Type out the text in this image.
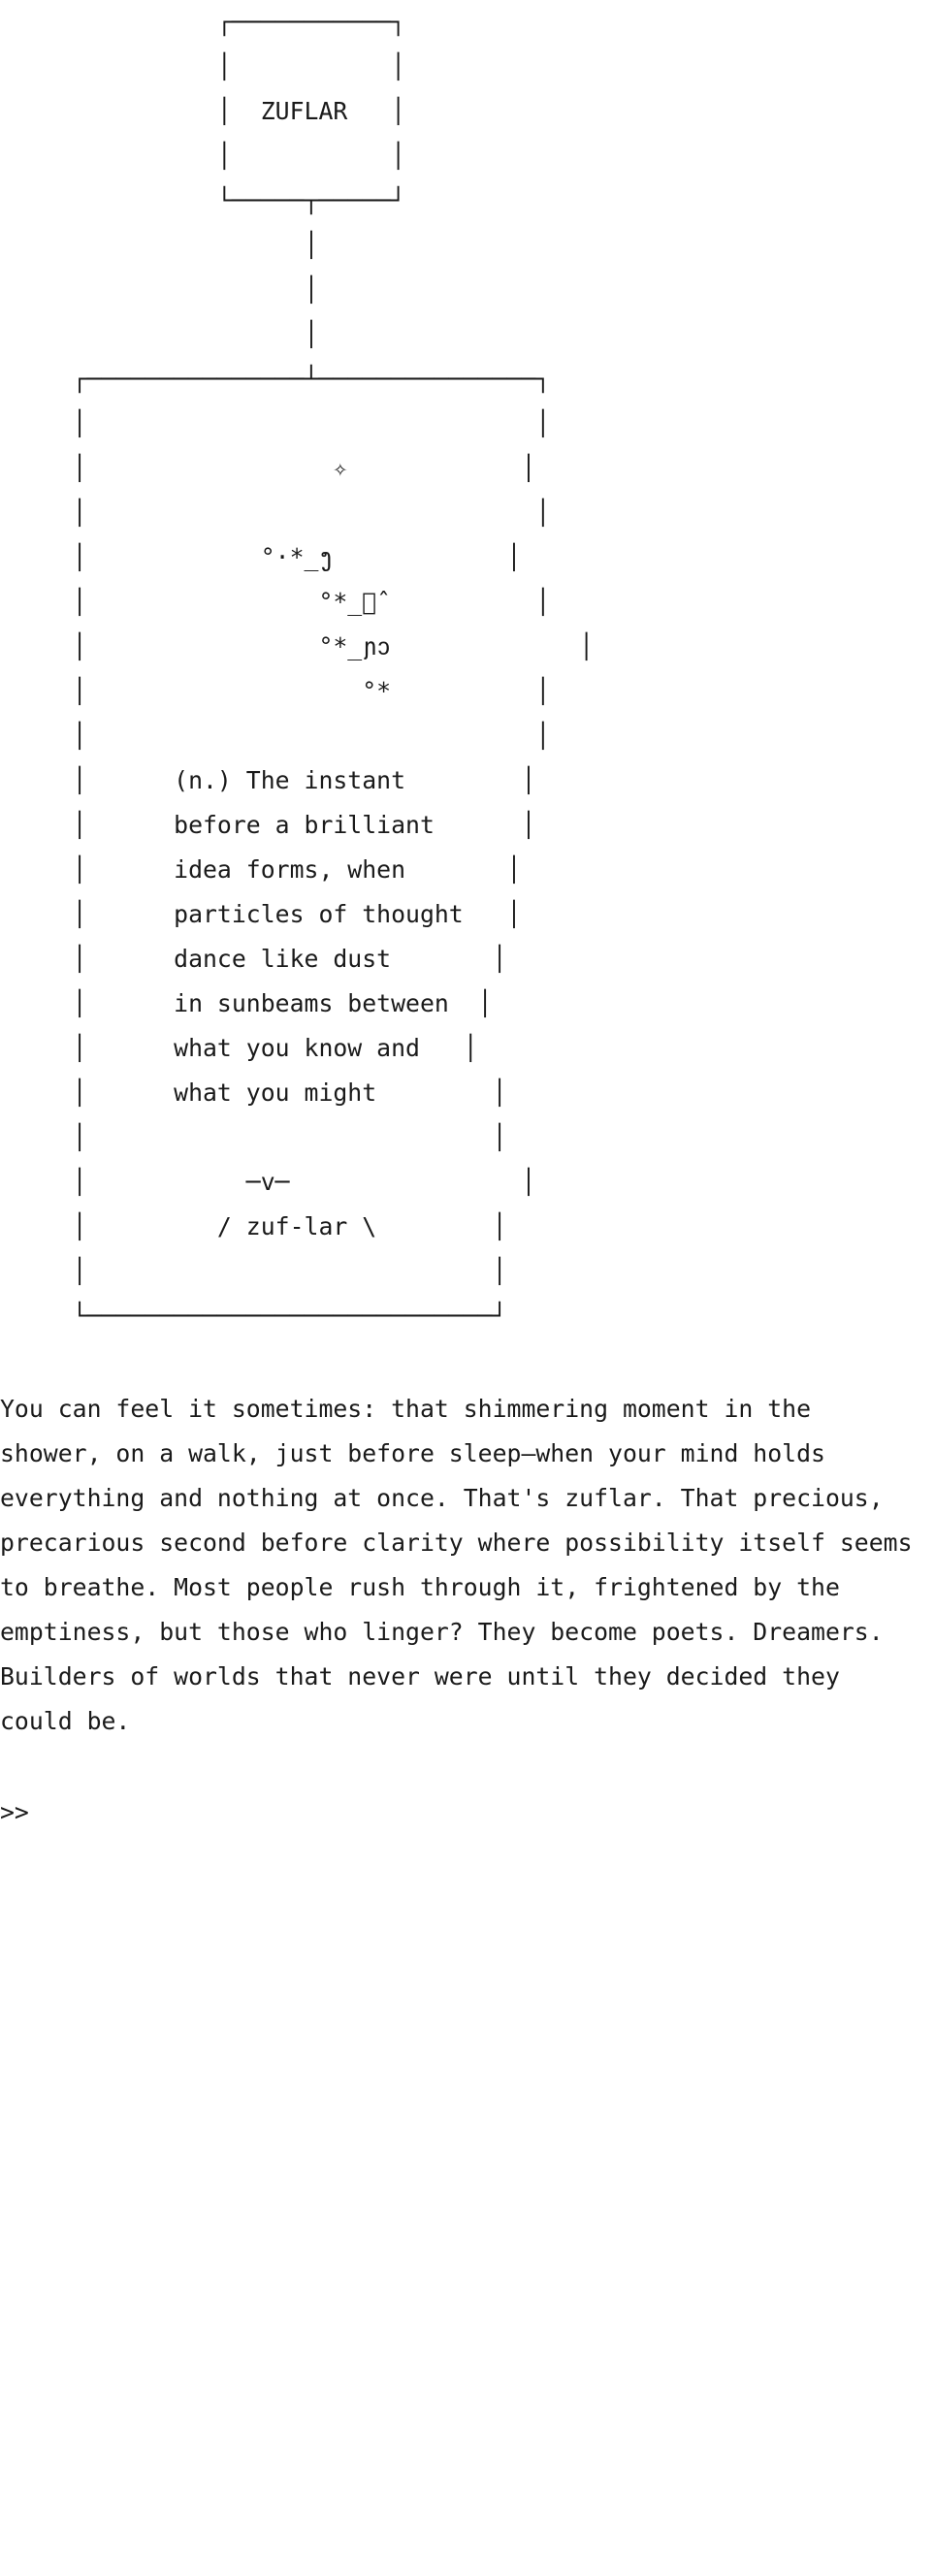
┌───────────┐
│           │
│  ZUFLAR   │
│           │
└─────┬─────┘
│
│
│
┌───────────────┴───────────────┐
│                               │
│                 ✧            │
│                               │
│            °·*_ງ            │
│                °*_ก̂           │
│                °*_ɲↄ             │
│                   °*          │
│                               │
│      (n.) The instant        │
│      before a brilliant      │
│      idea forms, when       │
│      particles of thought   │
│      dance like dust       │
│      in sunbeams between  │
│      what you know and   │
│      what you might        │
│                            │
│           ─v─                │
│         / zuf-lar \        │
│                            │
└────────────────────────────┘
You can feel it sometimes: that shimmering moment in the
shower, on a walk, just before sleep—when your mind holds
everything and nothing at once. That's zuflar. That precious,
precarious second before clarity where possibility itself seems
to breathe. Most people rush through it, frightened by the
emptiness, but those who linger? They become poets. Dreamers.
Builders of worlds that never were until they decided they
could be.
>>
